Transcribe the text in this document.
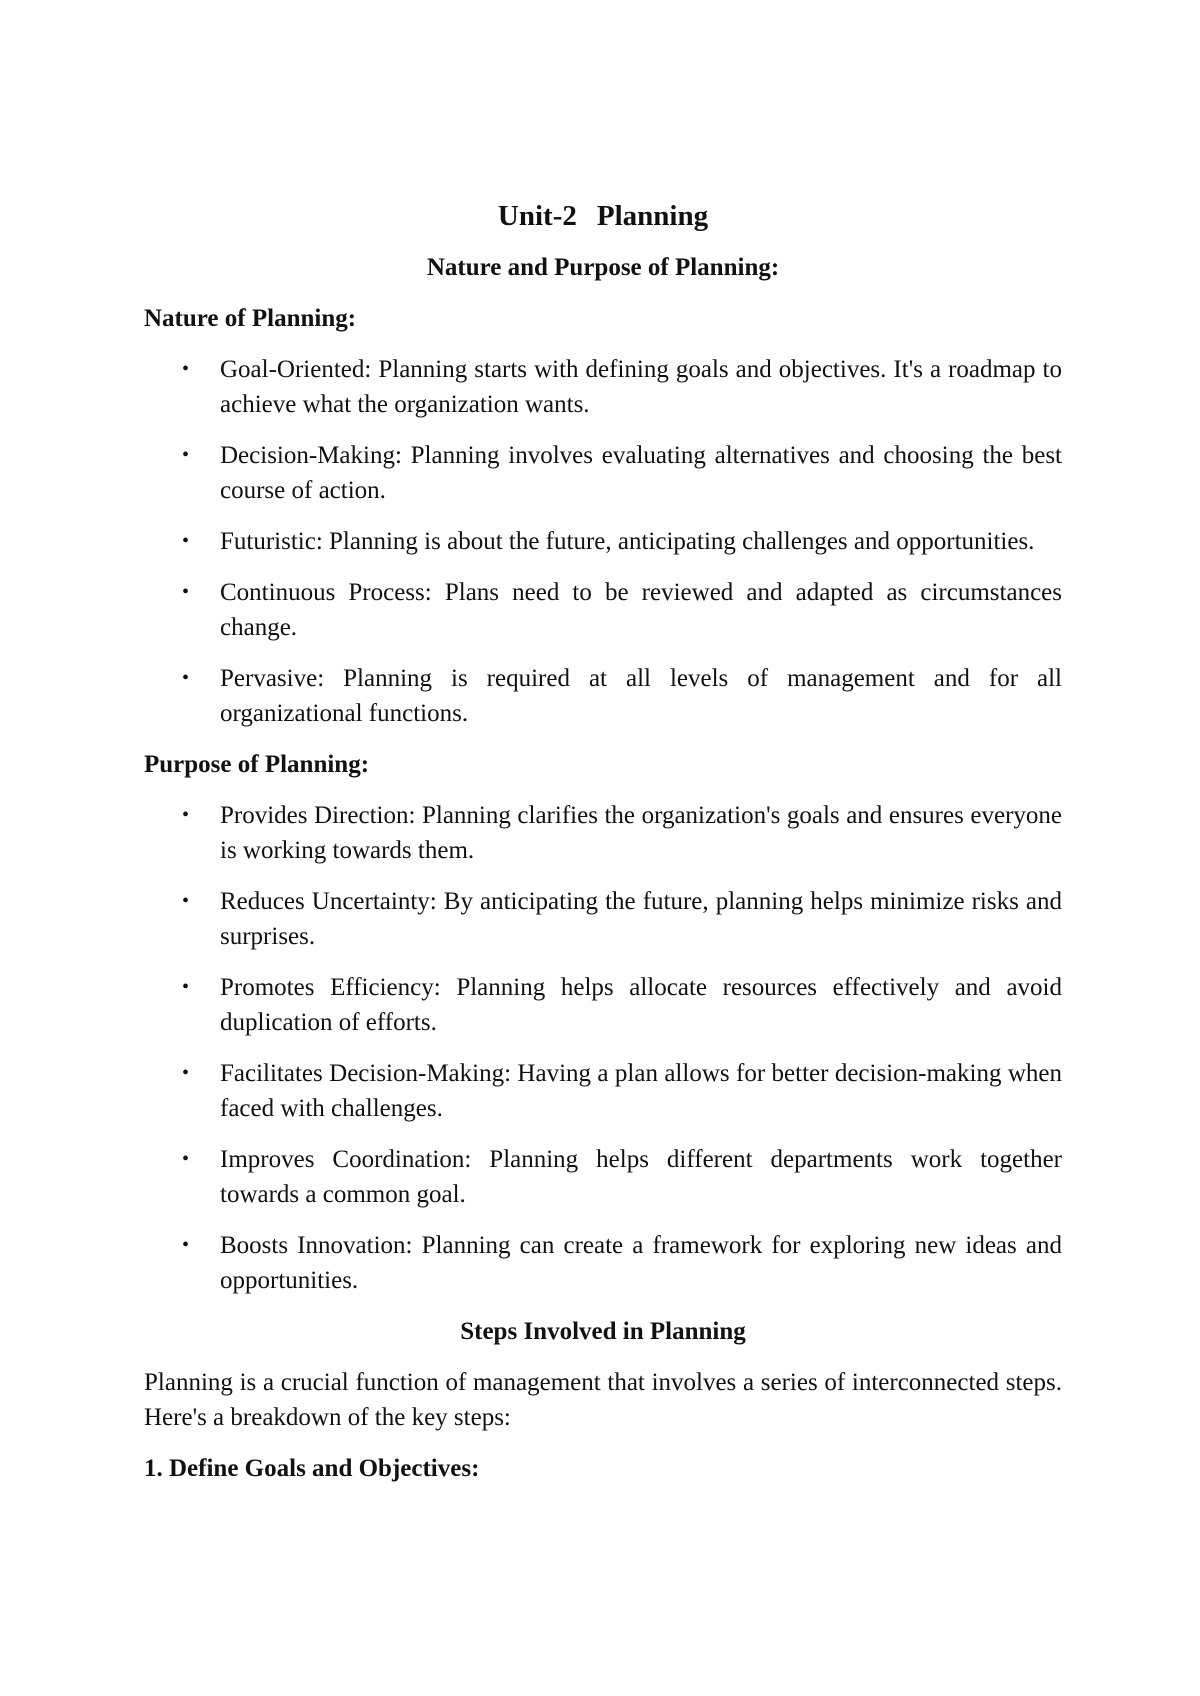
Unit-2 Planning
Nature and Purpose of Planning:
Nature of Planning:
• Goal-Oriented: Planning starts with defining goals and objectives. It's a roadmap to achieve what the organization wants.
• Decision-Making: Planning involves evaluating alternatives and choosing the best course of action.
• Futuristic: Planning is about the future, anticipating challenges and opportunities.
• Continuous Process: Plans need to be reviewed and adapted as circumstances change.
• Pervasive: Planning is required at all levels of management and for all organizational functions.
Purpose of Planning:
• Provides Direction: Planning clarifies the organization's goals and ensures everyone is working towards them.
• Reduces Uncertainty: By anticipating the future, planning helps minimize risks and surprises.
• Promotes Efficiency: Planning helps allocate resources effectively and avoid duplication of efforts.
• Facilitates Decision-Making: Having a plan allows for better decision-making when faced with challenges.
• Improves Coordination: Planning helps different departments work together towards a common goal.
• Boosts Innovation: Planning can create a framework for exploring new ideas and opportunities.
Steps Involved in Planning

Planning is a crucial function of management that involves a series of interconnected steps. Here's a breakdown of the key steps:

1. Define Goals and Objectives:
